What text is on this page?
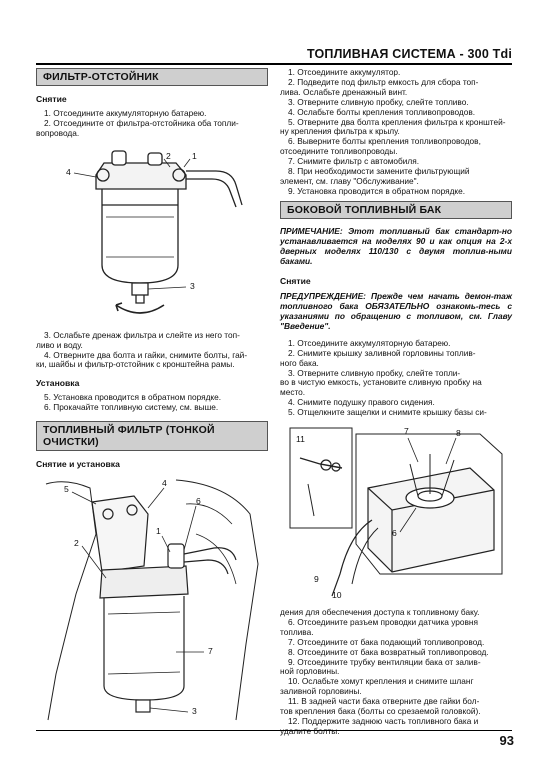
ТОПЛИВНАЯ СИСТЕМА - 300 Tdi
ФИЛЬТР-ОТСТОЙНИК
Снятие
1. Отсоедините аккумуляторную батарею.
2. Отсоедините от фильтра-отстойника оба топли-
вопровода.
4
2 1
3
3. Ослабьте дренаж фильтра и слейте из него топ-
ливо и воду.
4. Отверните два болта и гайки, снимите болты, гай-
ки, шайбы и фильтр-отстойник с кронштейна рамы.
Установка
5. Установка проводится в обратном порядке.
6. Прокачайте топливную систему, см. выше.
ТОПЛИВНЫЙ ФИЛЬТР (ТОНКОЙ ОЧИСТКИ)
Снятие и установка
5
4
6
2
1
7
3
1. Отсоедините аккумулятор.
2. Подведите под фильтр емкость для сбора топ-
лива. Ослабьте дренажный винт.
3. Отверните сливную пробку, слейте топливо.
4. Ослабьте болты крепления топливопроводов.
5. Отверните два болта крепления фильтра к кронштей-
ну крепления фильтра к крылу.
6. Выверните болты крепления топливопроводов,
отсоедините топливопроводы.
7. Снимите фильтр с автомобиля.
8. При необходимости замените фильтрующий
элемент, см. главу "Обслуживание".
9. Установка проводится в обратном порядке.
БОКОВОЙ ТОПЛИВНЫЙ БАК
ПРИМЕЧАНИЕ: Этот топливный бак стандарт-но устанавливается на моделях 90 и как опция на 2-х дверных моделях 110/130 с двумя топлив-ными баками.
Снятие
ПРЕДУПРЕЖДЕНИЕ: Прежде чем начать демон-таж топливного бака ОБЯЗАТЕЛЬНО ознакомь-тесь с указаниями по обращению с топливом, см. Главу "Введение".
1. Отсоедините аккумуляторную батарею.
2. Снимите крышку заливной горловины топлив-
ного бака.
3. Отверните сливную пробку, слейте топли-
во в чистую емкость, установите сливную пробку на
место.
4. Снимите подушку правого сидения.
5. Отщелкните защелки и снимите крышку базы си-
11
7	8
6
9
10
дения для обеспечения доступа к топливному баку.
6. Отсоедините разъем проводки датчика уровня
топлива.
7. Отсоедините от бака подающий топливопровод.
8. Отсоедините от бака возвратный топливопровод.
9. Отсоедините трубку вентиляции бака от залив-
ной горловины.
10. Ослабьте хомут крепления и снимите шланг
заливной горловины.
11. В задней части бака отверните две гайки бол-
тов крепления бака (болты со срезаемой головкой).
12. Поддержите заднюю часть топливного бака и
93
